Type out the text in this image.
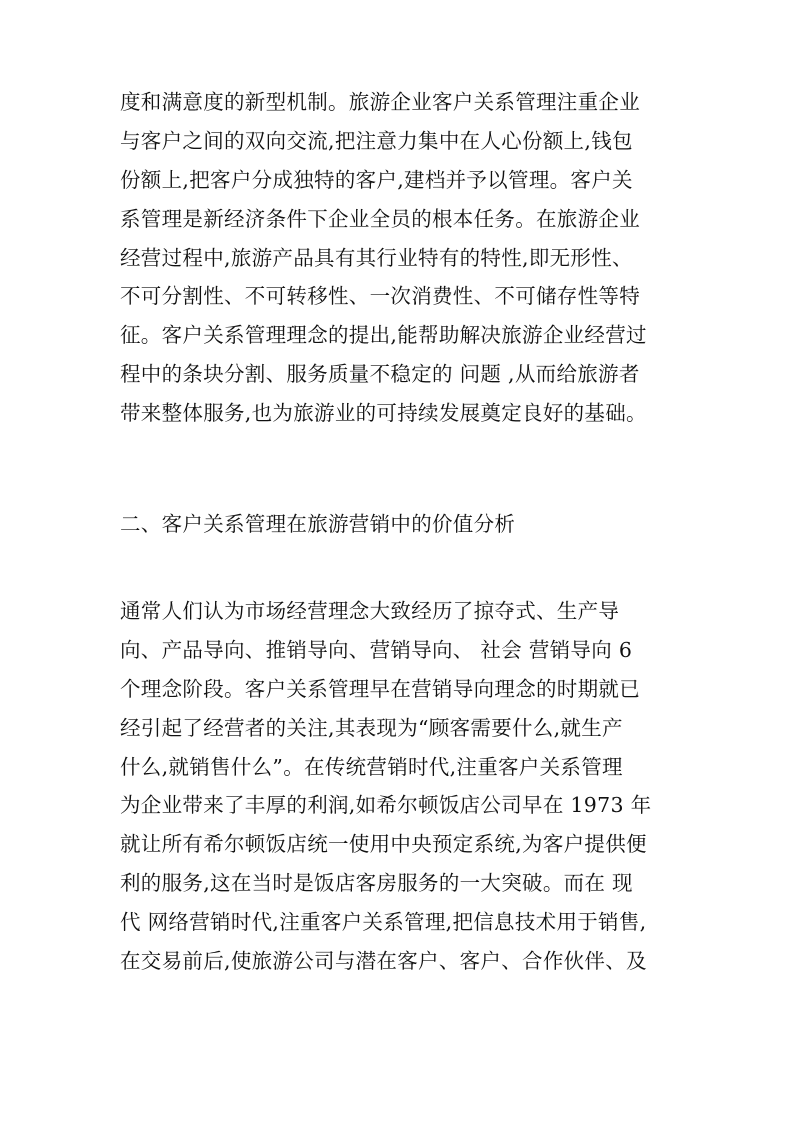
度和满意度的新型机制。旅游企业客户关系管理注重企业
与客户之间的双向交流,把注意力集中在人心份额上,钱包
份额上,把客户分成独特的客户,建档并予以管理。客户关
系管理是新经济条件下企业全员的根本任务。在旅游企业
经营过程中,旅游产品具有其行业特有的特性,即无形性、
不可分割性、不可转移性、一次消费性、不可储存性等特
征。客户关系管理理念的提出,能帮助解决旅游企业经营过
程中的条块分割、服务质量不稳定的 问题 ,从而给旅游者
带来整体服务,也为旅游业的可持续发展奠定良好的基础。
二、客户关系管理在旅游营销中的价值分析
通常人们认为市场经营理念大致经历了掠夺式、生产导
向、产品导向、推销导向、营销导向、 社会 营销导向 6
个理念阶段。客户关系管理早在营销导向理念的时期就已
经引起了经营者的关注,其表现为“顾客需要什么,就生产
什么,就销售什么”。在传统营销时代,注重客户关系管理
为企业带来了丰厚的利润,如希尔顿饭店公司早在 1973 年
就让所有希尔顿饭店统一使用中央预定系统,为客户提供便
利的服务,这在当时是饭店客房服务的一大突破。而在 现
代 网络营销时代,注重客户关系管理,把信息技术用于销售,
在交易前后,使旅游公司与潜在客户、客户、合作伙伴、及
